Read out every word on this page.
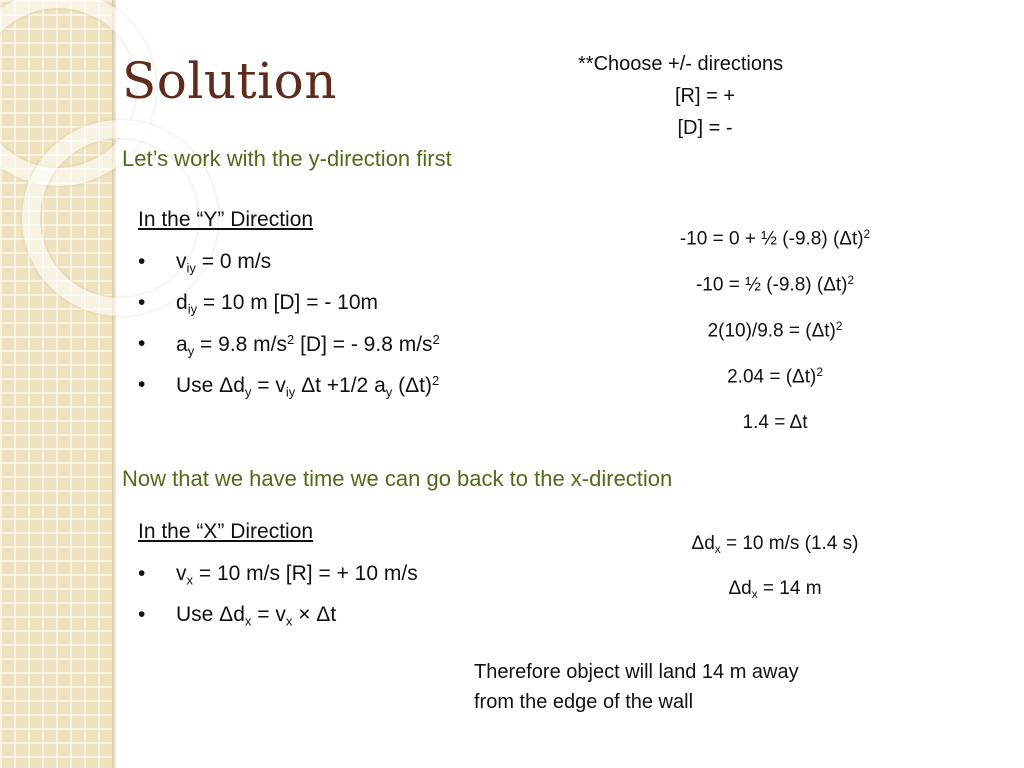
Solution	**Choose +/- directions
[R] = +
[D] = -
Let’s work with the y-direction first
In the “Y” Direction
• $v_{iy} = 0$ m/s
• $d_{iy} = 10$ m [D] = - 10m
• $a_y = 9.8$ $m/s^2$ [D] = - 9.8 $m/s^2$
• Use $\Delta d_y = v_{iy}$ Δt +1/2 $a_y$ $(\Delta t)^2$
-10 = 0 + ½ (-9.8) $(\Delta t)^2$
-10 = ½ (-9.8) $(\Delta t)^2$
$2(10)/9.8 = (\Delta t)^2$
$2.04 = (\Delta t)^2$
1.4 = Δt
Now that we have time we can go back to the x-direction
In the “X” Direction
• $v_x = 10$ m/s [R] = + 10 m/s
• Use $\Delta d_x = v_x \times \Delta t$
$\Delta d_x = 10$ m/s (1.4 s)
$\Delta d_x = 14$ m
Therefore object will land 14 m away
from the edge of the wall
